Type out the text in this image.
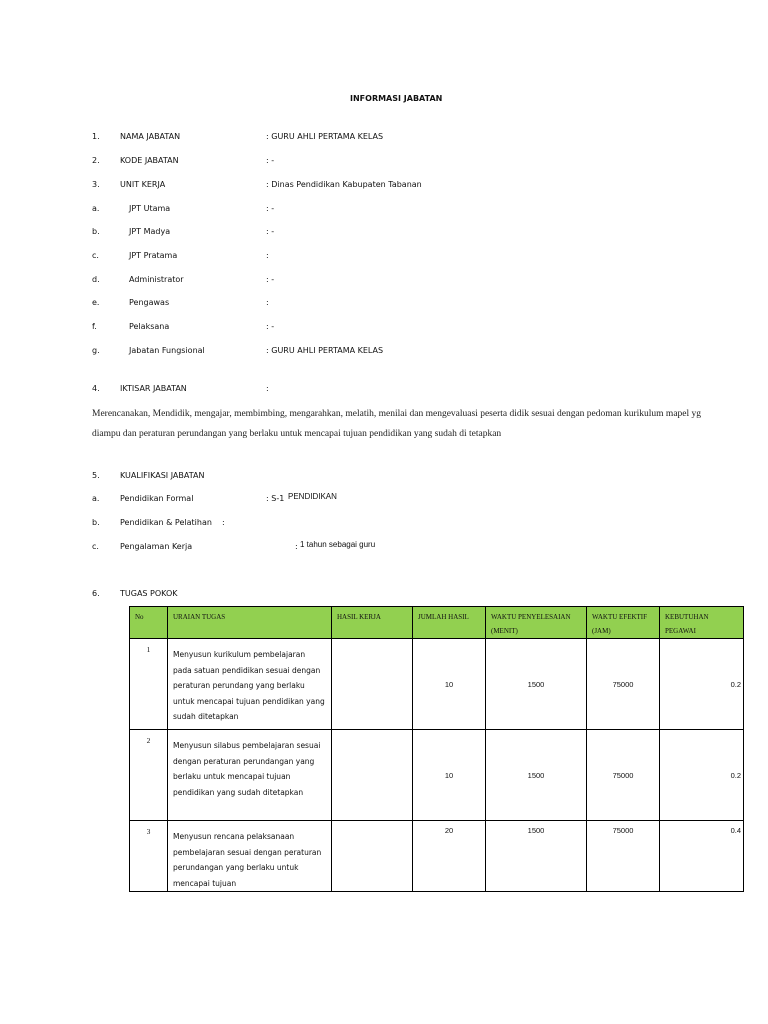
INFORMASI JABATAN
1.	NAMA JABATAN	: GURU AHLI PERTAMA KELAS
2.	KODE JABATAN	: -
3.	UNIT KERJA	: Dinas Pendidikan Kabupaten Tabanan
a.	JPT Utama	: -
b.	JPT Madya	: -
c.	JPT Pratama	:
d.	Administrator	: -
e.	Pengawas	:
f.	Pelaksana	: -
g.	Jabatan Fungsional	: GURU AHLI PERTAMA KELAS
4.	IKTISAR JABATAN	:
Merencanakan, Mendidik, mengajar, membimbing, mengarahkan, melatih, menilai dan mengevaluasi peserta didik sesuai dengan pedoman kurikulum mapel yg
diampu dan peraturan perundangan yang berlaku untuk mencapai tujuan pendidikan yang sudah di tetapkan
5.	KUALIFIKASI JABATAN
a.	Pendidikan Formal	: S-1 PENDIDIKAN
b.	Pendidikan & Pelatihan :
c.	Pengalaman Kerja	: 1 tahun sebagai guru
6.	TUGAS POKOK
No	URAIAN TUGAS	HASIL KERJA	JUMLAH HASIL	WAKTU PENYELESAIAN (MENIT)	WAKTU EFEKTIF (JAM)	KEBUTUHAN PEGAWAI
1	Menyusun kurikulum pembelajaran pada satuan pendidikan sesuai dengan peraturan perundang yang berlaku untuk mencapai tujuan pendidikan yang sudah ditetapkan		10	1500	75000	0.2
2	Menyusun silabus pembelajaran sesuai dengan peraturan perundangan yang berlaku untuk mencapai tujuan pendidikan yang sudah ditetapkan		10	1500	75000	0.2
3	Menyusun rencana pelaksanaan pembelajaran sesuai dengan peraturan perundangan yang berlaku untuk mencapai tujuan		20	1500	75000	0.4
